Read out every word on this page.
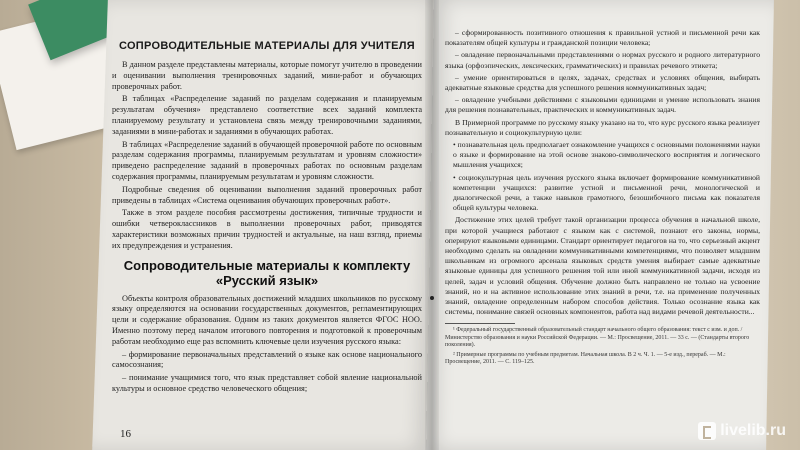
СОПРОВОДИТЕЛЬНЫЕ МАТЕРИАЛЫ ДЛЯ УЧИТЕЛЯ

В данном разделе представлены материалы, которые помогут учителю в проведении и оценивании выполнения тренировочных заданий, мини-работ и обучающих проверочных работ.

В таблицах «Распределение заданий по разделам содержания и планируемым результатам обучения» представлено соответствие всех заданий комплекта планируемому результату и установлена связь между тренировочными заданиями, заданиями в мини-работах и заданиями в обучающих работах.

В таблицах «Распределение заданий в обучающей проверочной работе по основным разделам содержания программы, планируемым результатам и уровням сложности» приведено распределение заданий в проверочных работах по основным разделам содержания программы, планируемым результатам и уровням сложности.

Подробные сведения об оценивании выполнения заданий проверочных работ приведены в таблицах «Система оценивания обучающих проверочных работ».

Также в этом разделе пособия рассмотрены достижения, типичные трудности и ошибки четвероклассников в выполнении проверочных работ, приводятся характеристики возможных причин трудностей и актуальные, на наш взгляд, приемы их предупреждения и устранения.

Сопроводительные материалы к комплекту «Русский язык»

Объекты контроля образовательных достижений младших школьников по русскому языку определяются на основании государственных документов, регламентирующих цели и содержание образования. Одним из таких документов является ФГОС НОО. Именно поэтому перед началом итогового повторения и подготовкой к проверочным работам необходимо еще раз вспомнить ключевые цели изучения русского языка:

– формирование первоначальных представлений о языке как основе национального самосознания;

– понимание учащимися того, что язык представляет собой явление национальной культуры и основное средство человеческого общения;

16

– сформированность позитивного отношения к правильной устной и письменной речи как показателям общей культуры и гражданской позиции человека;

– овладение первоначальными представлениями о нормах русского и родного литературного языка (орфоэпических, лексических, грамматических) и правилах речевого этикета;

– умение ориентироваться в целях, задачах, средствах и условиях общения, выбирать адекватные языковые средства для успешного решения коммуникативных задач;

– овладение учебными действиями с языковыми единицами и умение использовать знания для решения познавательных, практических и коммуникативных задач.

В Примерной программе по русскому языку указано на то, что курс русского языка реализует познавательную и социокультурную цели:

• познавательная цель предполагает ознакомление учащихся с основными положениями науки о языке и формирование на этой основе знаково-символического восприятия и логического мышления учащихся;

• социокультурная цель изучения русского языка включает формирование коммуникативной компетенции учащихся: развитие устной и письменной речи, монологической и диалогической речи, а также навыков грамотного, безошибочного письма как показателя общей культуры человека.

Достижение этих целей требует такой организации процесса обучения в начальной школе, при которой учащиеся работают с языком как с системой, познают его законы, нормы, оперируют языковыми единицами. Стандарт ориентирует педагогов на то, что серьезный акцент необходимо сделать на овладении коммуникативными компетенциями, что позволяет младшим школьникам из огромного арсенала языковых средств умения выбирает самые адекватные языковые единицы для успешного решения той или иной коммуникативной задачи, исходя из целей, задач и условий общения. Обучение должно быть направлено не только на усвоение знаний, но и на активное использование этих знаний в речи, т.е. на применение полученных знаний, овладение определенным набором способов действия. Только осознание языка как системы, понимание связей основных компонентов, работа над видами речевой деятельности...

¹ Федеральный государственный образовательный стандарт начального общего образования: текст с изм. и доп. / Министерство образования и науки Российской Федерации. — М.: Просвещение, 2011. — 33 с. — (Стандарты второго поколения).

² Примерные программы по учебным предметам. Начальная школа. В 2 ч. Ч. 1. — 5-е изд., перераб. — М.: Просвещение, 2011. — С. 119–125.

livelib.ru
